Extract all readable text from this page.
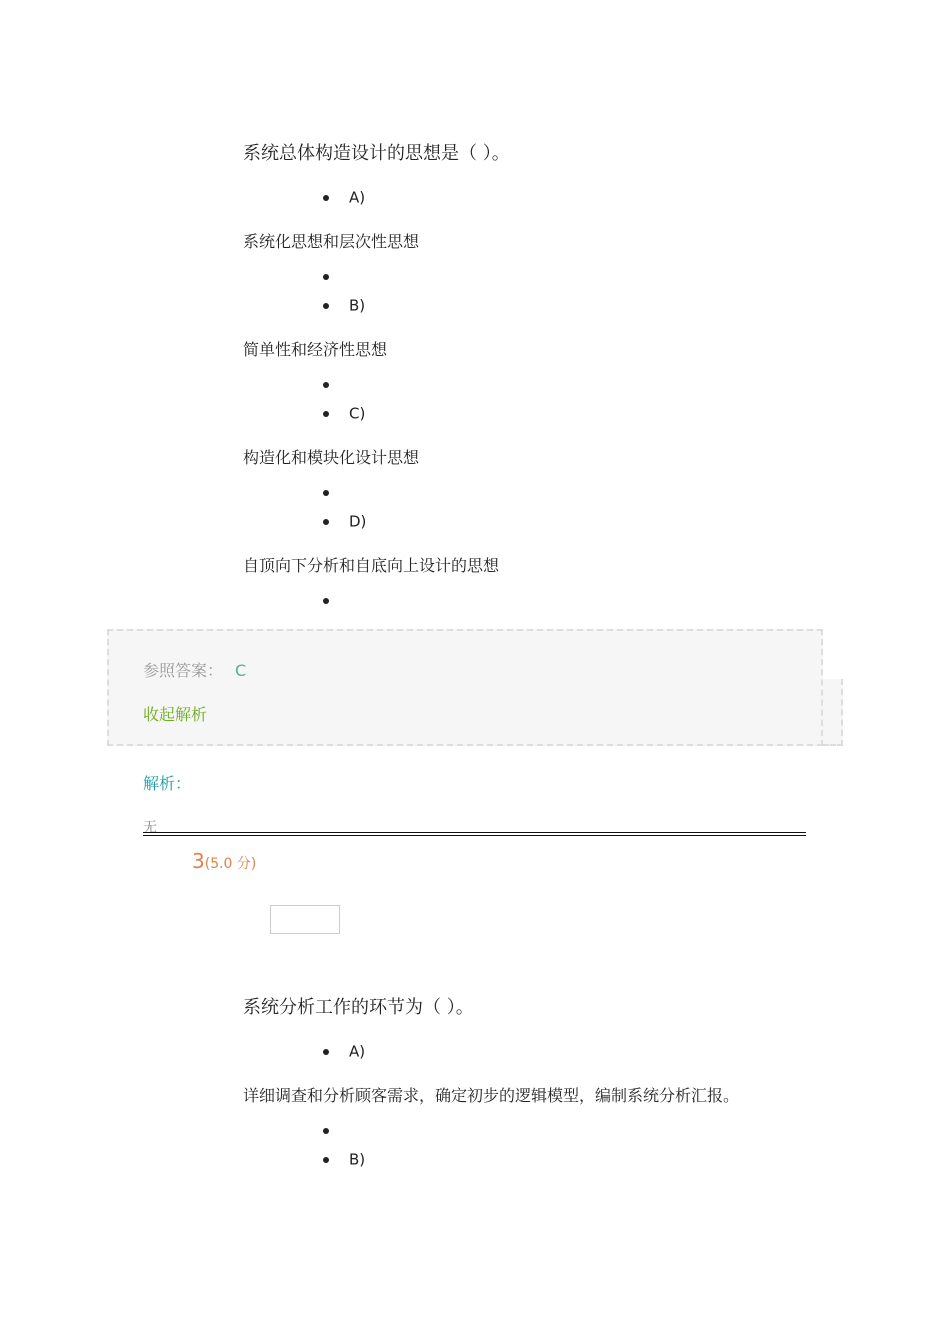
系统总体构造设计的思想是（ ）。
A)
系统化思想和层次性思想
B)
简单性和经济性思想
C)
构造化和模块化设计思想
D)
自顶向下分析和自底向上设计的思想
参照答案： C
收起解析
解析：
无
3(5.0 分)
系统分析工作的环节为（ ）。
A)
详细调查和分析顾客需求，确定初步的逻辑模型，编制系统分析汇报。
B)
